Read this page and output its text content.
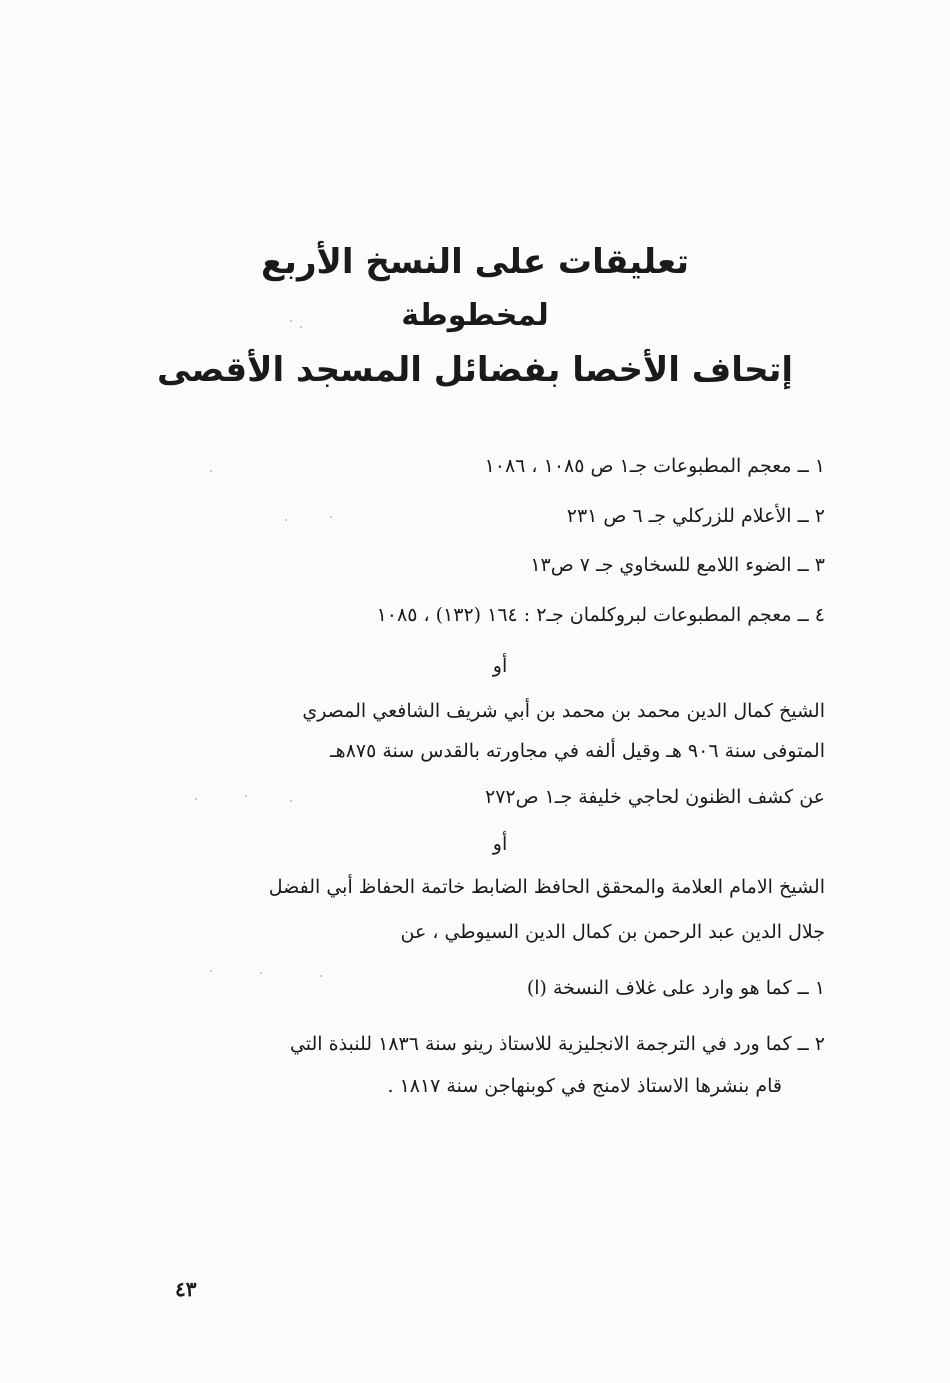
تعليقات على النسخ الأربع
لمخطوطة
إتحاف الأخصا بفضائل المسجد الأقصى
١ ــ معجم المطبوعات جـ١ ص ١٠٨٥ ، ١٠٨٦
٢ ــ الأعلام للزركلي جـ ٦ ص ٢٣١
٣ ــ الضوء اللامع للسخاوي جـ ٧ ص١٣
٤ ــ معجم المطبوعات لبروكلمان جـ٢ : ١٦٤ (١٣٢) ، ١٠٨٥
أو
الشيخ كمال الدين محمد بن محمد بن أبي شريف الشافعي المصري
المتوفى سنة ٩٠٦ هـ وقيل ألفه في مجاورته بالقدس سنة ٨٧٥هـ
عن كشف الظنون لحاجي خليفة جـ١ ص٢٧٢
أو
الشيخ الامام العلامة والمحقق الحافظ الضابط خاتمة الحفاظ أبي الفضل
جلال الدين عبد الرحمن بن كمال الدين السيوطي ، عن
١ ــ كما هو وارد على غلاف النسخة (ا)
٢ ــ كما ورد في الترجمة الانجليزية للاستاذ رينو سنة ١٨٣٦ للنبذة التي
قام بنشرها الاستاذ لامنج في كوبنهاجن سنة ١٨١٧ .
٤٣
